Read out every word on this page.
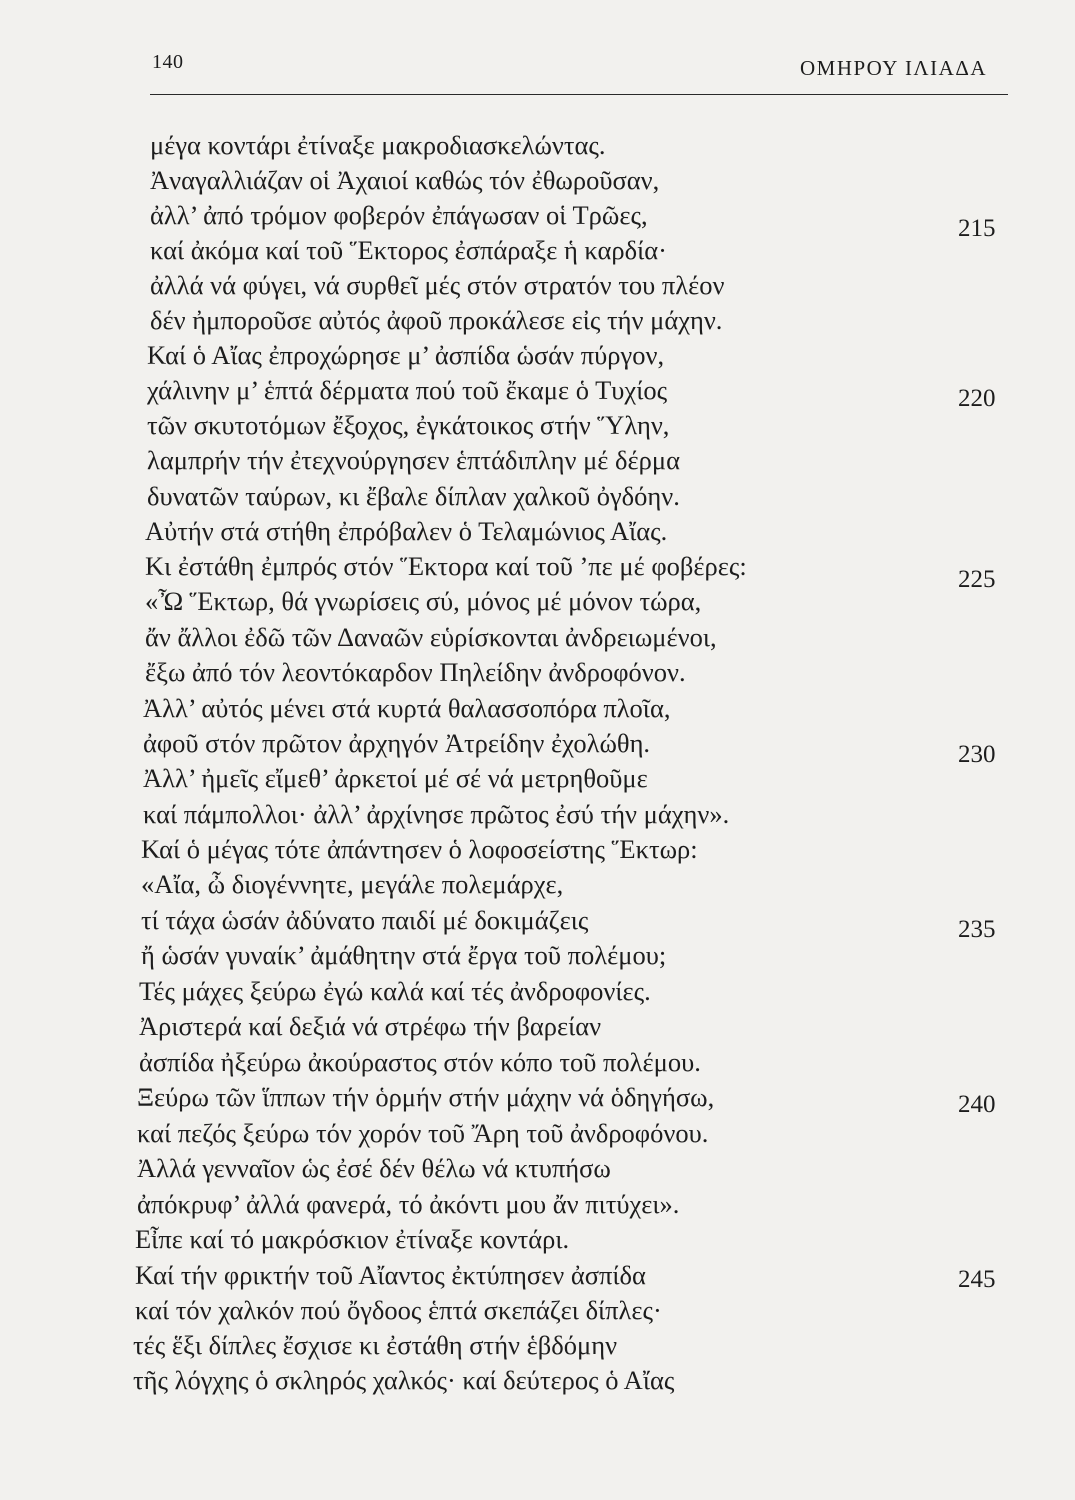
140	ΟΜΗΡΟΥ ΙΛΙΑΔΑ
μέγα κοντάρι ἐτίναξε μακροδιασκελώντας.
Ἀναγαλλιάζαν οἱ Ἀχαιοί καθώς τόν ἐθωροῦσαν,
ἀλλ’ ἀπό τρόμον φοβερόν ἐπάγωσαν οἱ Τρῶες,
καί ἀκόμα καί τοῦ Ἕκτορος ἐσπάραξε ἡ καρδία·
ἀλλά νά φύγει, νά συρθεῖ μές στόν στρατόν του πλέον
δέν ἠμποροῦσε αὐτός ἀφοῦ προκάλεσε εἰς τήν μάχην.
Καί ὁ Αἴας ἐπροχώρησε μ’ ἀσπίδα ὡσάν πύργον,
χάλινην μ’ ἑπτά δέρματα πού τοῦ ἔκαμε ὁ Τυχίος
τῶν σκυτοτόμων ἔξοχος, ἐγκάτοικος στήν Ὕλην,
λαμπρήν τήν ἐτεχνούργησεν ἑπτάδιπλην μέ δέρμα
δυνατῶν ταύρων, κι ἔβαλε δίπλαν χαλκοῦ ὀγδόην.
Αὐτήν στά στήθη ἐπρόβαλεν ὁ Τελαμώνιος Αἴας.
Κι ἐστάθη ἐμπρός στόν Ἕκτορα καί τοῦ ’πε μέ φοβέρες:
«Ὦ Ἕκτωρ, θά γνωρίσεις σύ, μόνος μέ μόνον τώρα,
ἄν ἄλλοι ἐδῶ τῶν Δαναῶν εὑρίσκονται ἀνδρειωμένοι,
ἔξω ἀπό τόν λεοντόκαρδον Πηλείδην ἀνδροφόνον.
Ἀλλ’ αὐτός μένει στά κυρτά θαλασσοπόρα πλοῖα,
ἀφοῦ στόν πρῶτον ἀρχηγόν Ἀτρείδην ἐχολώθη.
Ἀλλ’ ἠμεῖς εἴμεθ’ ἀρκετοί μέ σέ νά μετρηθοῦμε
καί πάμπολλοι· ἀλλ’ ἀρχίνησε πρῶτος ἐσύ τήν μάχην».
Καί ὁ μέγας τότε ἀπάντησεν ὁ λοφοσείστης Ἕκτωρ:
«Αἴα, ὦ διογέννητε, μεγάλε πολεμάρχε,
τί τάχα ὡσάν ἀδύνατο παιδί μέ δοκιμάζεις
ἤ ὡσάν γυναίκ’ ἀμάθητην στά ἔργα τοῦ πολέμου;
Τές μάχες ξεύρω ἐγώ καλά καί τές ἀνδροφονίες.
Ἀριστερά καί δεξιά νά στρέφω τήν βαρείαν
ἀσπίδα ἠξεύρω ἀκούραστος στόν κόπο τοῦ πολέμου.
Ξεύρω τῶν ἵππων τήν ὁρμήν στήν μάχην νά ὁδηγήσω,
καί πεζός ξεύρω τόν χορόν τοῦ Ἄρη τοῦ ἀνδροφόνου.
Ἀλλά γενναῖον ὡς ἐσέ δέν θέλω νά κτυπήσω
ἀπόκρυφ’ ἀλλά φανερά, τό ἀκόντι μου ἄν πιτύχει».
Εἶπε καί τό μακρόσκιον ἐτίναξε κοντάρι.
Καί τήν φρικτήν τοῦ Αἴαντος ἐκτύπησεν ἀσπίδα
καί τόν χαλκόν πού ὄγδοος ἑπτά σκεπάζει δίπλες·
τές ἕξι δίπλες ἔσχισε κι ἐστάθη στήν ἑβδόμην
τῆς λόγχης ὁ σκληρός χαλκός· καί δεύτερος ὁ Αἴας
215
220
225
230
235
240
245
